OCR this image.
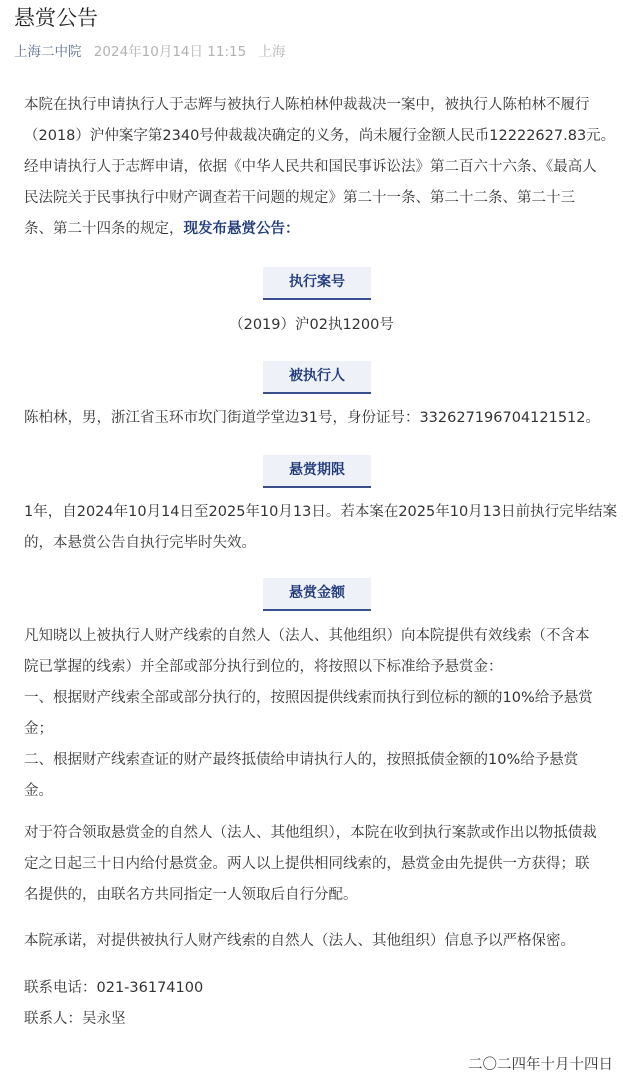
悬赏公告
上海二中院 2024年10月14日 11:15 上海
本院在执行申请执行人于志辉与被执行人陈柏林仲裁裁决一案中，被执行人陈柏林不履行
（2018）沪仲案字第2340号仲裁裁决确定的义务，尚未履行金额人民币12222627.83元。
经申请执行人于志辉申请，依据《中华人民共和国民事诉讼法》第二百六十六条、《最高人
民法院关于民事执行中财产调查若干问题的规定》第二十一条、第二十二条、第二十三
条、第二十四条的规定，现发布悬赏公告：
执行案号
（2019）沪02执1200号
被执行人
陈柏林，男，浙江省玉环市坎门街道学堂边31号，身份证号：332627196704121512。
悬赏期限
1年，自2024年10月14日至2025年10月13日。若本案在2025年10月13日前执行完毕结案
的，本悬赏公告自执行完毕时失效。
悬赏金额
凡知晓以上被执行人财产线索的自然人（法人、其他组织）向本院提供有效线索（不含本
院已掌握的线索）并全部或部分执行到位的，将按照以下标准给予悬赏金：
一、根据财产线索全部或部分执行的，按照因提供线索而执行到位标的额的10%给予悬赏
金；
二、根据财产线索查证的财产最终抵债给申请执行人的，按照抵债金额的10%给予悬赏
金。
对于符合领取悬赏金的自然人（法人、其他组织），本院在收到执行案款或作出以物抵债裁
定之日起三十日内给付悬赏金。两人以上提供相同线索的，悬赏金由先提供一方获得；联
名提供的，由联名方共同指定一人领取后自行分配。
本院承诺，对提供被执行人财产线索的自然人（法人、其他组织）信息予以严格保密。
联系电话：021-36174100
联系人：吴永坚
二〇二四年十月十四日
